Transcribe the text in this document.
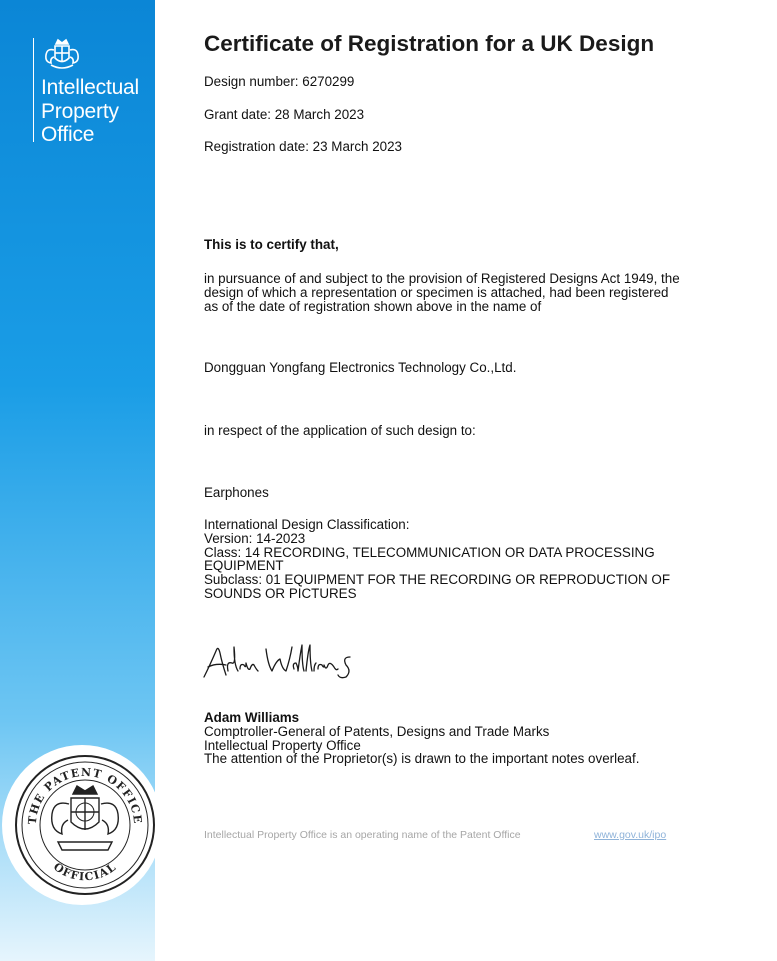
Intellectual
Property
Office
THE PATENT OFFICE
OFFICIAL
Certificate of Registration for a UK Design
Design number: 6270299
Grant date: 28 March 2023
Registration date: 23 March 2023
This is to certify that,
in pursuance of and subject to the provision of Registered Designs Act 1949, the
design of which a representation or specimen is attached, had been registered
as of the date of registration shown above in the name of
Dongguan Yongfang Electronics Technology Co.,Ltd.
in respect of the application of such design to:
Earphones
International Design Classification:
Version: 14-2023
Class: 14 RECORDING, TELECOMMUNICATION OR DATA PROCESSING
EQUIPMENT
Subclass: 01 EQUIPMENT FOR THE RECORDING OR REPRODUCTION OF
SOUNDS OR PICTURES
Adam Williams
Comptroller-General of Patents, Designs and Trade Marks
Intellectual Property Office
The attention of the Proprietor(s) is drawn to the important notes overleaf.
Intellectual Property Office is an operating name of the Patent Office	www.gov.uk/ipo
